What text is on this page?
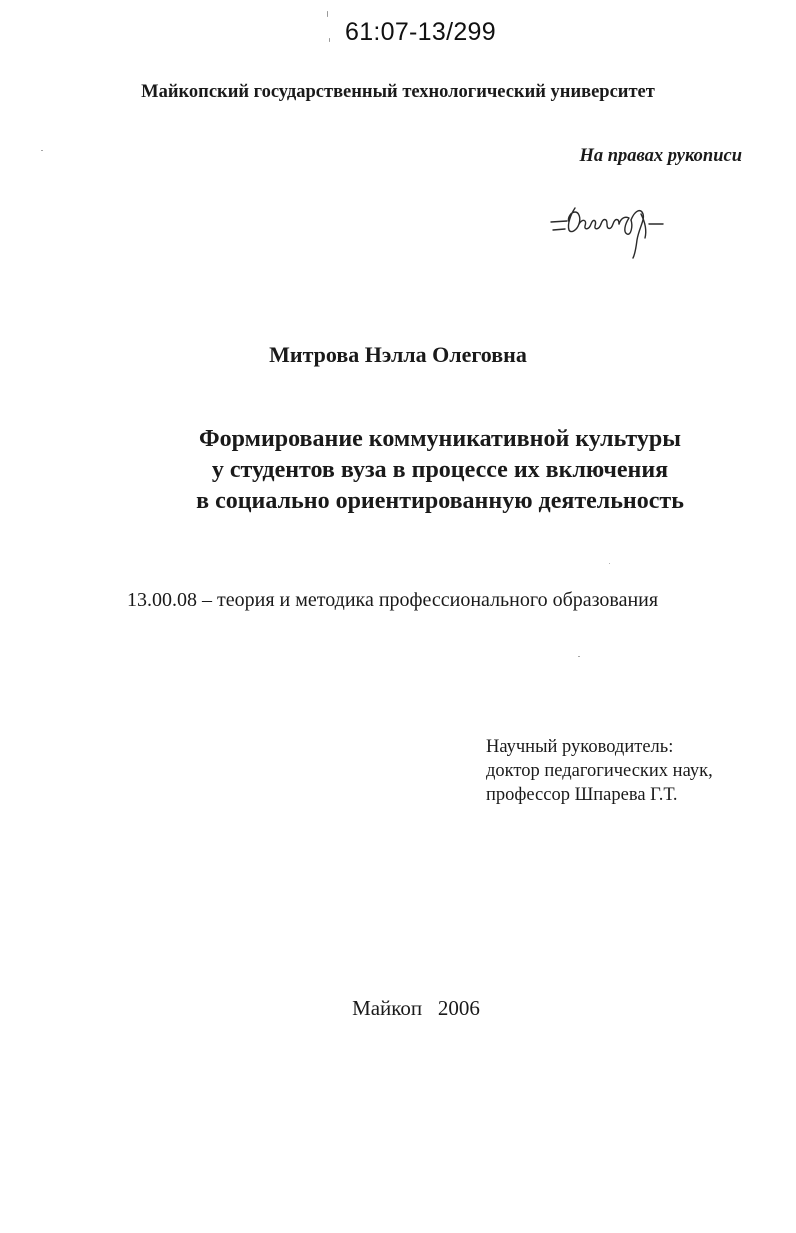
61:07-13/299

Майкопский государственный технологический университет

На правах рукописи

Митрова Нэлла Олеговна

Формирование коммуникативной культуры
у студентов вуза в процессе их включения
в социально ориентированную деятельность

13.00.08 – теория и методика профессионального образования

Научный руководитель:
доктор педагогических наук,
профессор Шпарева Г.Т.

Майкоп   2006
